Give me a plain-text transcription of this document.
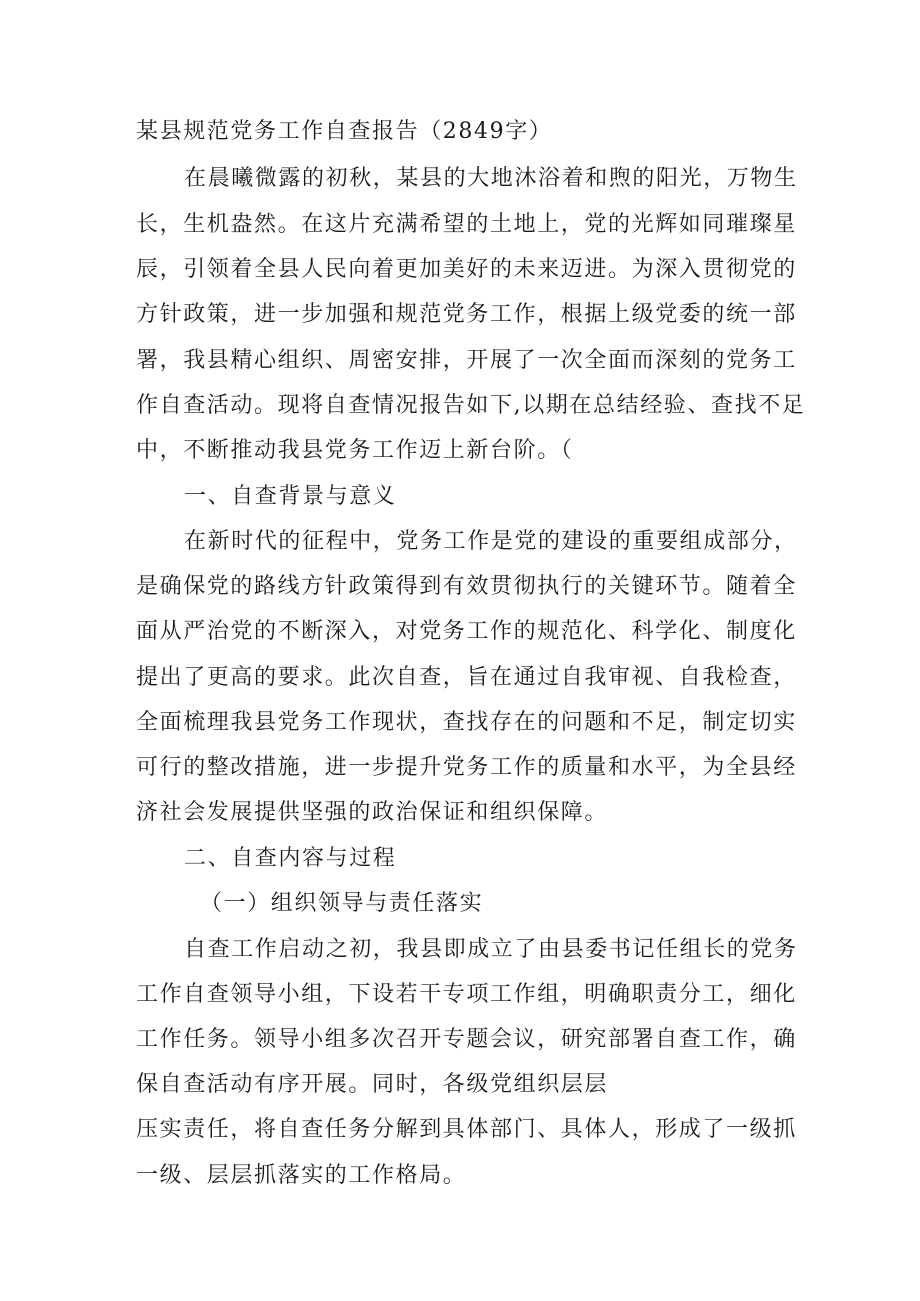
某县规范党务工作自查报告（2849字）
在晨曦微露的初秋，某县的大地沐浴着和煦的阳光，万物生
长，生机盎然。在这片充满希望的土地上，党的光辉如同璀璨星
辰，引领着全县人民向着更加美好的未来迈进。为深入贯彻党的
方针政策，进一步加强和规范党务工作，根据上级党委的统一部
署，我县精心组织、周密安排，开展了一次全面而深刻的党务工
作自查活动。现将自查情况报告如下,以期在总结经验、查找不足
中，不断推动我县党务工作迈上新台阶。（
一、自查背景与意义
在新时代的征程中，党务工作是党的建设的重要组成部分，
是确保党的路线方针政策得到有效贯彻执行的关键环节。随着全
面从严治党的不断深入，对党务工作的规范化、科学化、制度化
提出了更高的要求。此次自查，旨在通过自我审视、自我检查，
全面梳理我县党务工作现状，查找存在的问题和不足，制定切实
可行的整改措施，进一步提升党务工作的质量和水平，为全县经
济社会发展提供坚强的政治保证和组织保障。
二、自查内容与过程
（一）组织领导与责任落实
自查工作启动之初，我县即成立了由县委书记任组长的党务
工作自查领导小组，下设若干专项工作组，明确职责分工，细化
工作任务。领导小组多次召开专题会议，研究部署自查工作，确
保自查活动有序开展。同时，各级党组织层层
压实责任，将自查任务分解到具体部门、具体人，形成了一级抓
一级、层层抓落实的工作格局。
